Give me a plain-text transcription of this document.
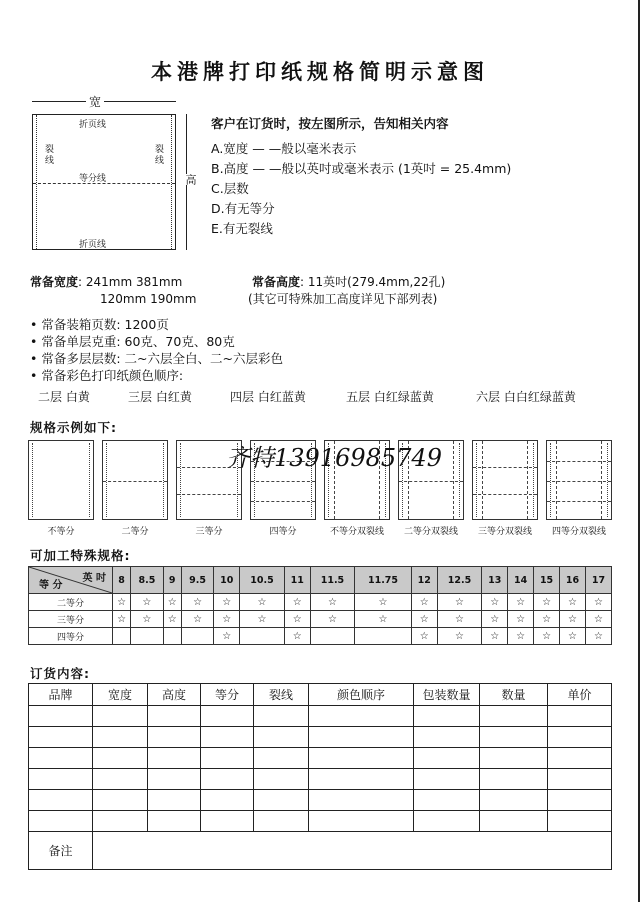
本港牌打印纸规格简明示意图
宽
折页线
裂线
裂线
等分线
折页线
高
客户在订货时，按左图所示，告知相关内容
A.宽度 — —般以毫米表示
B.高度 — —般以英吋或毫米表示 (1英吋 = 25.4mm)
C.层数
D.有无等分
E.有无裂线
常备宽度: 241mm 381mm
120mm 190mm
常备高度: 11英吋(279.4mm,22孔)
(其它可特殊加工高度详见下部列表)
• 常备装箱页数: 1200页
• 常备单层克重: 60克、70克、80克
• 常备多层层数: 二~六层全白、二~六层彩色
• 常备彩色打印纸颜色顺序:
二层 白黄	三层 白红黄	四层 白红蓝黄	五层 白红绿蓝黄	六层 白白红绿蓝黄
规格示例如下:
不等分	二等分	三等分	四等分	不等分双裂线	二等分双裂线	三等分双裂线	四等分双裂线
齐特13916985749
可加工特殊规格:
英 吋
等 分	8	8.5	9	9.5	10	10.5	11	11.5	11.75	12	12.5	13	14	15	16	17
二等分	☆	☆	☆	☆	☆	☆	☆	☆	☆	☆	☆	☆	☆	☆	☆	☆
三等分	☆	☆	☆	☆	☆	☆	☆	☆	☆	☆	☆	☆	☆	☆	☆	☆
四等分					☆		☆			☆	☆	☆	☆	☆	☆	☆
订货内容:
品牌	宽度	高度	等分	裂线	颜色顺序	包装数量	数量	单价

备注								
